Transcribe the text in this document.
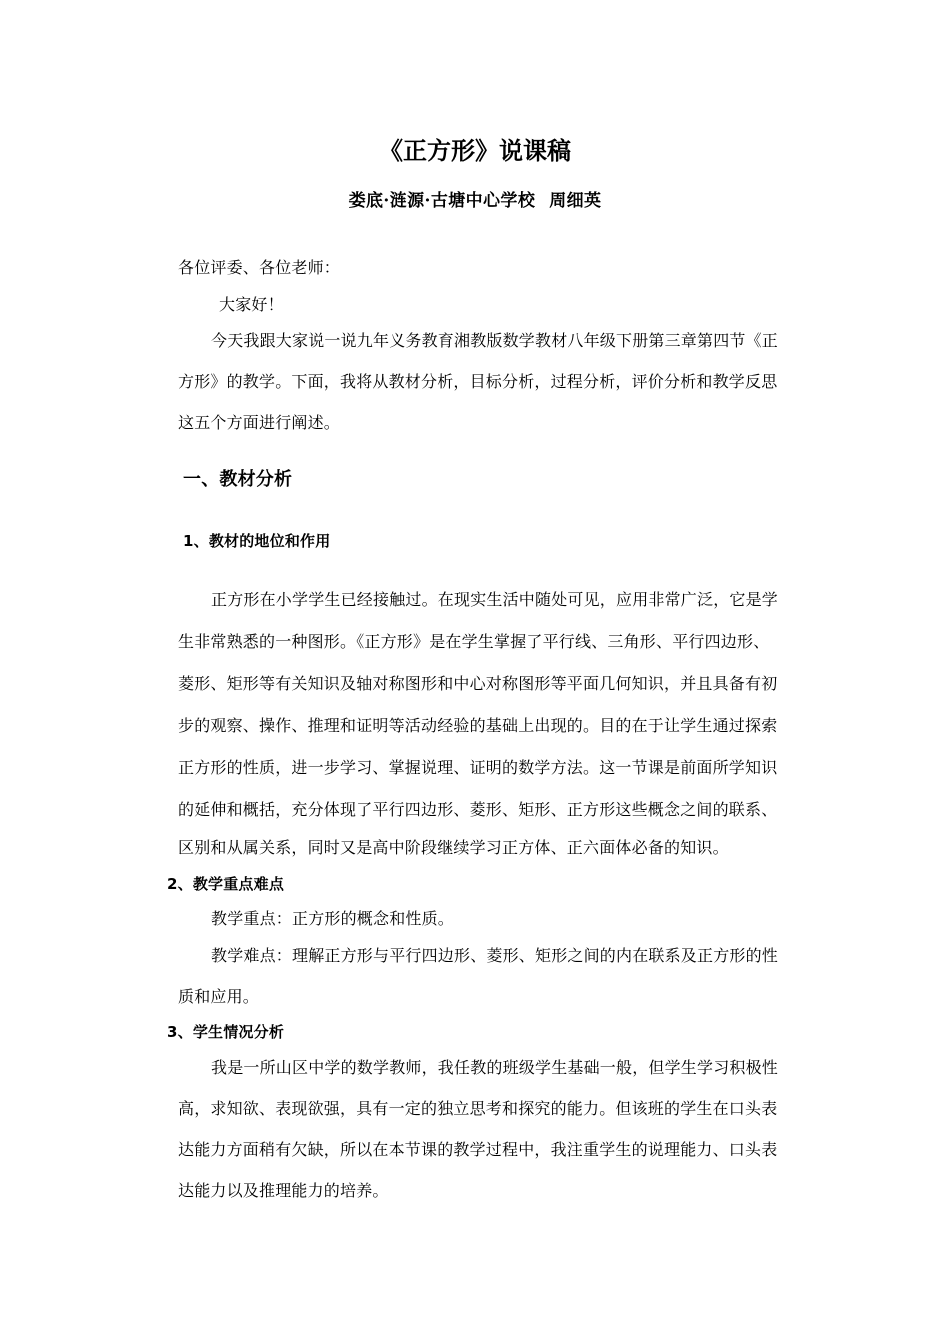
《正方形》说课稿
娄底·涟源·古塘中心学校 周细英
各位评委、各位老师：
大家好！
今天我跟大家说一说九年义务教育湘教版数学教材八年级下册第三章第四节《正
方形》的教学。下面，我将从教材分析，目标分析，过程分析，评价分析和教学反思
这五个方面进行阐述。
一、教材分析
1、教材的地位和作用
正方形在小学学生已经接触过。在现实生活中随处可见，应用非常广泛，它是学
生非常熟悉的一种图形。《正方形》是在学生掌握了平行线、三角形、平行四边形、
菱形、矩形等有关知识及轴对称图形和中心对称图形等平面几何知识，并且具备有初
步的观察、操作、推理和证明等活动经验的基础上出现的。目的在于让学生通过探索
正方形的性质，进一步学习、掌握说理、证明的数学方法。这一节课是前面所学知识
的延伸和概括，充分体现了平行四边形、菱形、矩形、正方形这些概念之间的联系、
区别和从属关系，同时又是高中阶段继续学习正方体、正六面体必备的知识。
2、教学重点难点
教学重点：正方形的概念和性质。
教学难点：理解正方形与平行四边形、菱形、矩形之间的内在联系及正方形的性
质和应用。
3、学生情况分析
我是一所山区中学的数学教师，我任教的班级学生基础一般，但学生学习积极性
高，求知欲、表现欲强，具有一定的独立思考和探究的能力。但该班的学生在口头表
达能力方面稍有欠缺，所以在本节课的教学过程中，我注重学生的说理能力、口头表
达能力以及推理能力的培养。
